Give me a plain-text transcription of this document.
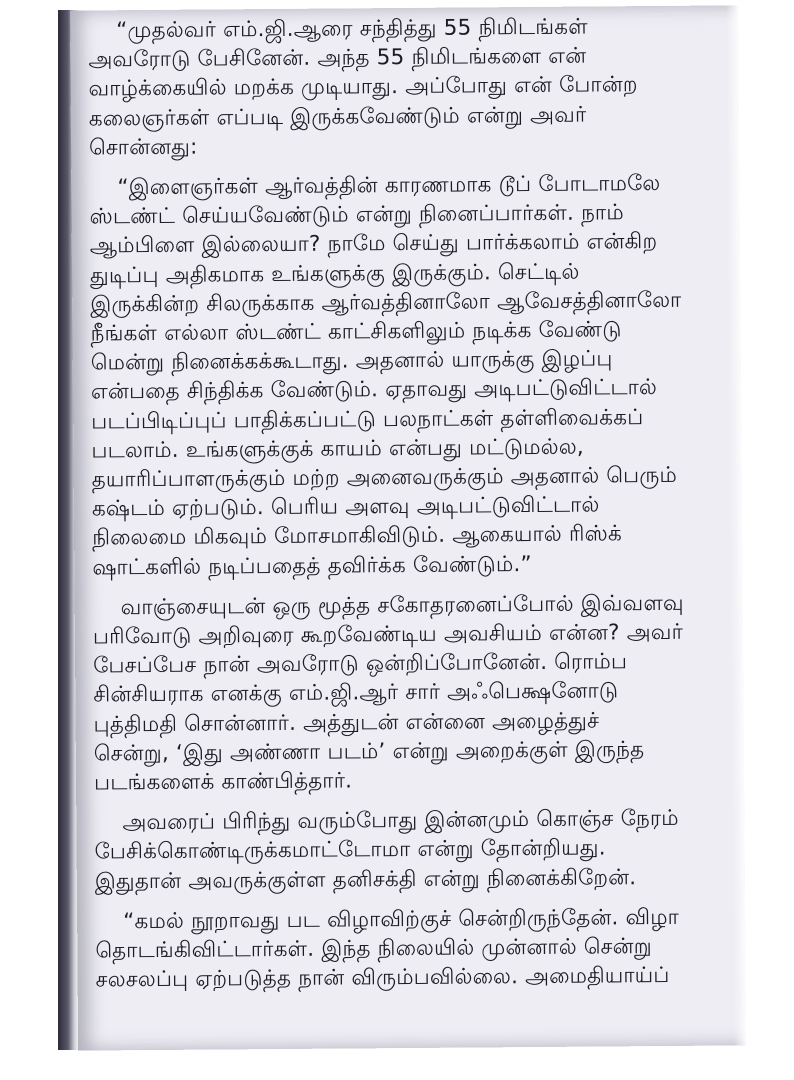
“முதல்வர் எம்.ஜி.ஆரை சந்தித்து 55 நிமிடங்கள்
அவரோடு பேசினேன். அந்த 55 நிமிடங்களை என்
வாழ்க்கையில் மறக்க முடியாது. அப்போது என் போன்ற
கலைஞர்கள் எப்படி இருக்கவேண்டும் என்று அவர்
சொன்னது:
“இளைஞர்கள் ஆர்வத்தின் காரணமாக டூப் போடாமலே
ஸ்டண்ட் செய்யவேண்டும் என்று நினைப்பார்கள். நாம்
ஆம்பிளை இல்லையா? நாமே செய்து பார்க்கலாம் என்கிற
துடிப்பு அதிகமாக உங்களுக்கு இருக்கும். செட்டில்
இருக்கின்ற சிலருக்காக ஆர்வத்தினாலோ ஆவேசத்தினாலோ
நீங்கள் எல்லா ஸ்டண்ட் காட்சிகளிலும் நடிக்க வேண்டு
மென்று நினைக்கக்கூடாது. அதனால் யாருக்கு இழப்பு
என்பதை சிந்திக்க வேண்டும். ஏதாவது அடிபட்டுவிட்டால்
படப்பிடிப்புப் பாதிக்கப்பட்டு பலநாட்கள் தள்ளிவைக்கப்
படலாம். உங்களுக்குக் காயம் என்பது மட்டுமல்ல,
தயாரிப்பாளருக்கும் மற்ற அனைவருக்கும் அதனால் பெரும்
கஷ்டம் ஏற்படும். பெரிய அளவு அடிபட்டுவிட்டால்
நிலைமை மிகவும் மோசமாகிவிடும். ஆகையால் ரிஸ்க்
ஷாட்களில் நடிப்பதைத் தவிர்க்க வேண்டும்.”
வாஞ்சையுடன் ஒரு மூத்த சகோதரனைப்போல் இவ்வளவு
பரிவோடு அறிவுரை கூறவேண்டிய அவசியம் என்ன? அவர்
பேசப்பேச நான் அவரோடு ஒன்றிப்போனேன். ரொம்ப
சின்சியராக எனக்கு எம்.ஜி.ஆர் சார் அஃபெக்ஷனோடு
புத்திமதி சொன்னார். அத்துடன் என்னை அழைத்துச்
சென்று, ‘இது அண்ணா படம்’ என்று அறைக்குள் இருந்த
படங்களைக் காண்பித்தார்.
அவரைப் பிரிந்து வரும்போது இன்னமும் கொஞ்ச நேரம்
பேசிக்கொண்டிருக்கமாட்டோமா என்று தோன்றியது.
இதுதான் அவருக்குள்ள தனிசக்தி என்று நினைக்கிறேன்.
“கமல் நூறாவது பட விழாவிற்குச் சென்றிருந்தேன். விழா
தொடங்கிவிட்டார்கள். இந்த நிலையில் முன்னால் சென்று
சலசலப்பு ஏற்படுத்த நான் விரும்பவில்லை. அமைதியாய்ப்
